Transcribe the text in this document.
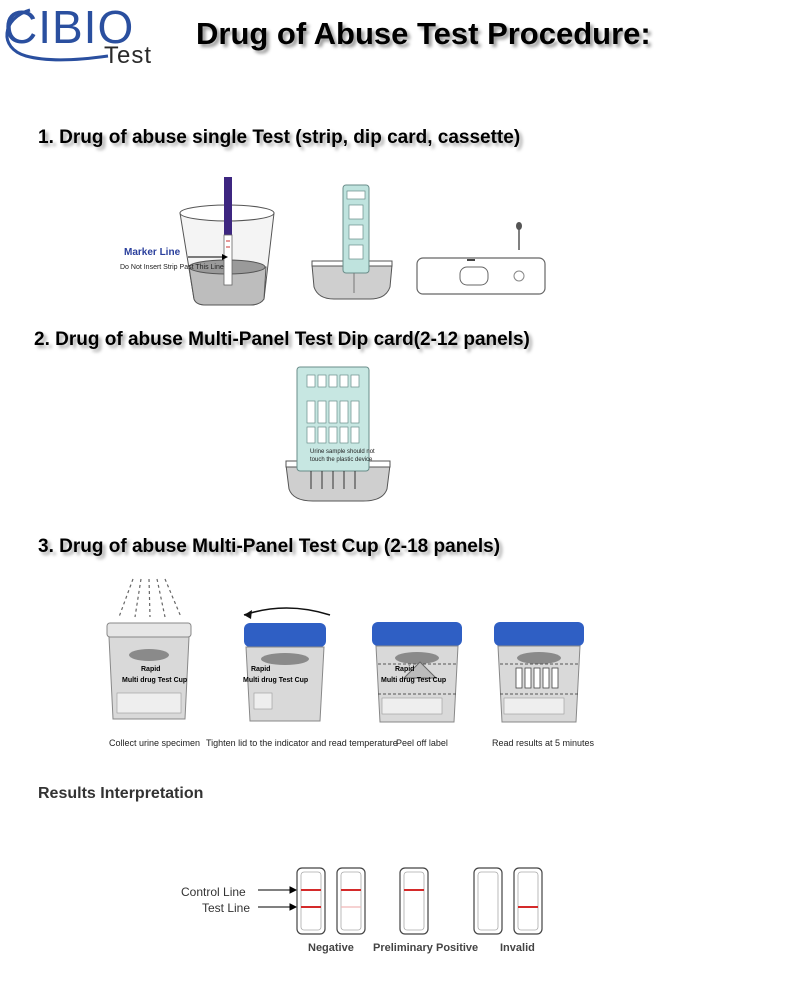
CIBIO
Test
Drug of Abuse Test Procedure:
1. Drug of abuse single Test (strip, dip card, cassette)
Marker Line
Do Not Insert Strip Past This Line
2. Drug of abuse Multi-Panel Test Dip card(2-12 panels)
Urine sample should not
touch the plastic device
3. Drug of abuse Multi-Panel Test Cup (2-18 panels)
Rapid
Multi drug Test Cup
Rapid
Multi drug Test Cup
Rapid
Multi drug Test Cup
Collect urine specimen Tighten lid to the indicator and read temperature
Peel off label	Read results at 5 minutes
Results Interpretation
Control Line
Test Line
Negative Preliminary Positive Invalid
